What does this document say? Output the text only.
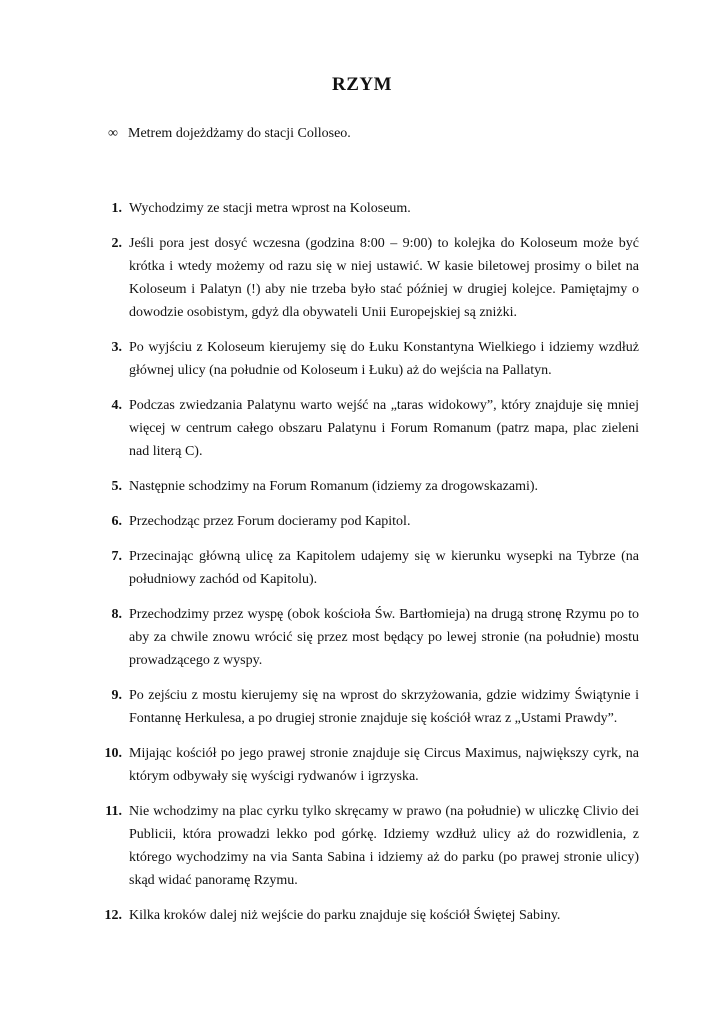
RZYM
∞ Metrem dojeżdżamy do stacji Colloseo.
1. Wychodzimy ze stacji metra wprost na Koloseum.
2. Jeśli pora jest dosyć wczesna (godzina 8:00 – 9:00) to kolejka do Koloseum może być krótka i wtedy możemy od razu się w niej ustawić. W kasie biletowej prosimy o bilet na Koloseum i Palatyn (!) aby nie trzeba było stać później w drugiej kolejce. Pamiętajmy o dowodzie osobistym, gdyż dla obywateli Unii Europejskiej są zniżki.
3. Po wyjściu z Koloseum kierujemy się do Łuku Konstantyna Wielkiego i idziemy wzdłuż głównej ulicy (na południe od Koloseum i Łuku) aż do wejścia na Pallatyn.
4. Podczas zwiedzania Palatynu warto wejść na „taras widokowy”, który znajduje się mniej więcej w centrum całego obszaru Palatynu i Forum Romanum (patrz mapa, plac zieleni nad literą C).
5. Następnie schodzimy na Forum Romanum (idziemy za drogowskazami).
6. Przechodząc przez Forum docieramy pod Kapitol.
7. Przecinając główną ulicę za Kapitolem udajemy się w kierunku wysepki na Tybrze (na południowy zachód od Kapitolu).
8. Przechodzimy przez wyspę (obok kościoła Św. Bartłomieja) na drugą stronę Rzymu po to aby za chwile znowu wrócić się przez most będący po lewej stronie (na południe) mostu prowadzącego z wyspy.
9. Po zejściu z mostu kierujemy się na wprost do skrzyżowania, gdzie widzimy Świątynie i Fontannę Herkulesa, a po drugiej stronie znajduje się kościół wraz z „Ustami Prawdy”.
10. Mijając kościół po jego prawej stronie znajduje się Circus Maximus, największy cyrk, na którym odbywały się wyścigi rydwanów i igrzyska.
11. Nie wchodzimy na plac cyrku tylko skręcamy w prawo (na południe) w uliczkę Clivio dei Publicii, która prowadzi lekko pod górkę. Idziemy wzdłuż ulicy aż do rozwidlenia, z którego wychodzimy na via Santa Sabina i idziemy aż do parku (po prawej stronie ulicy) skąd widać panoramę Rzymu.
12. Kilka kroków dalej niż wejście do parku znajduje się kościół Świętej Sabiny.
